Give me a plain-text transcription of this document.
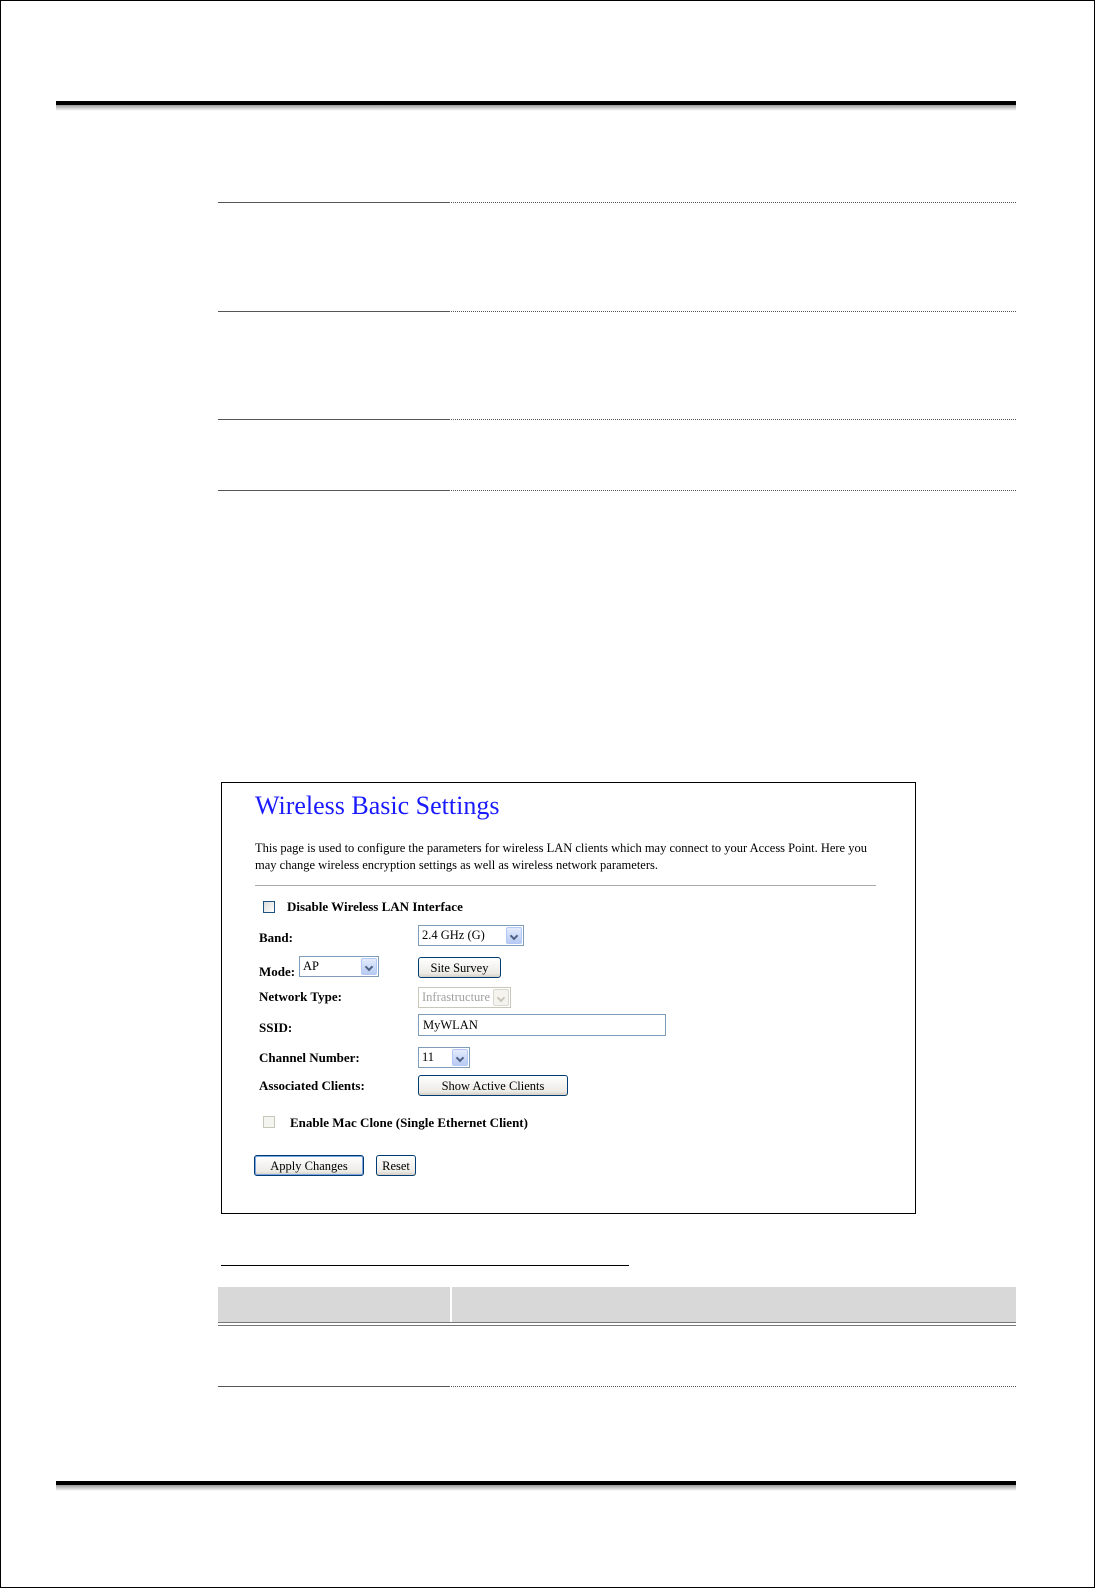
Wireless Basic Settings
This page is used to configure the parameters for wireless LAN clients which may connect to your Access Point. Here you may change wireless encryption settings as well as wireless network parameters.
Disable Wireless LAN Interface
Band:	2.4 GHz (G)
Mode: AP	Site Survey
Network Type:	Infrastructure
SSID:
MyWLAN
Channel Number:	11
Associated Clients:	Show Active Clients
Enable Mac Clone (Single Ethernet Client)
Apply Changes	Reset
